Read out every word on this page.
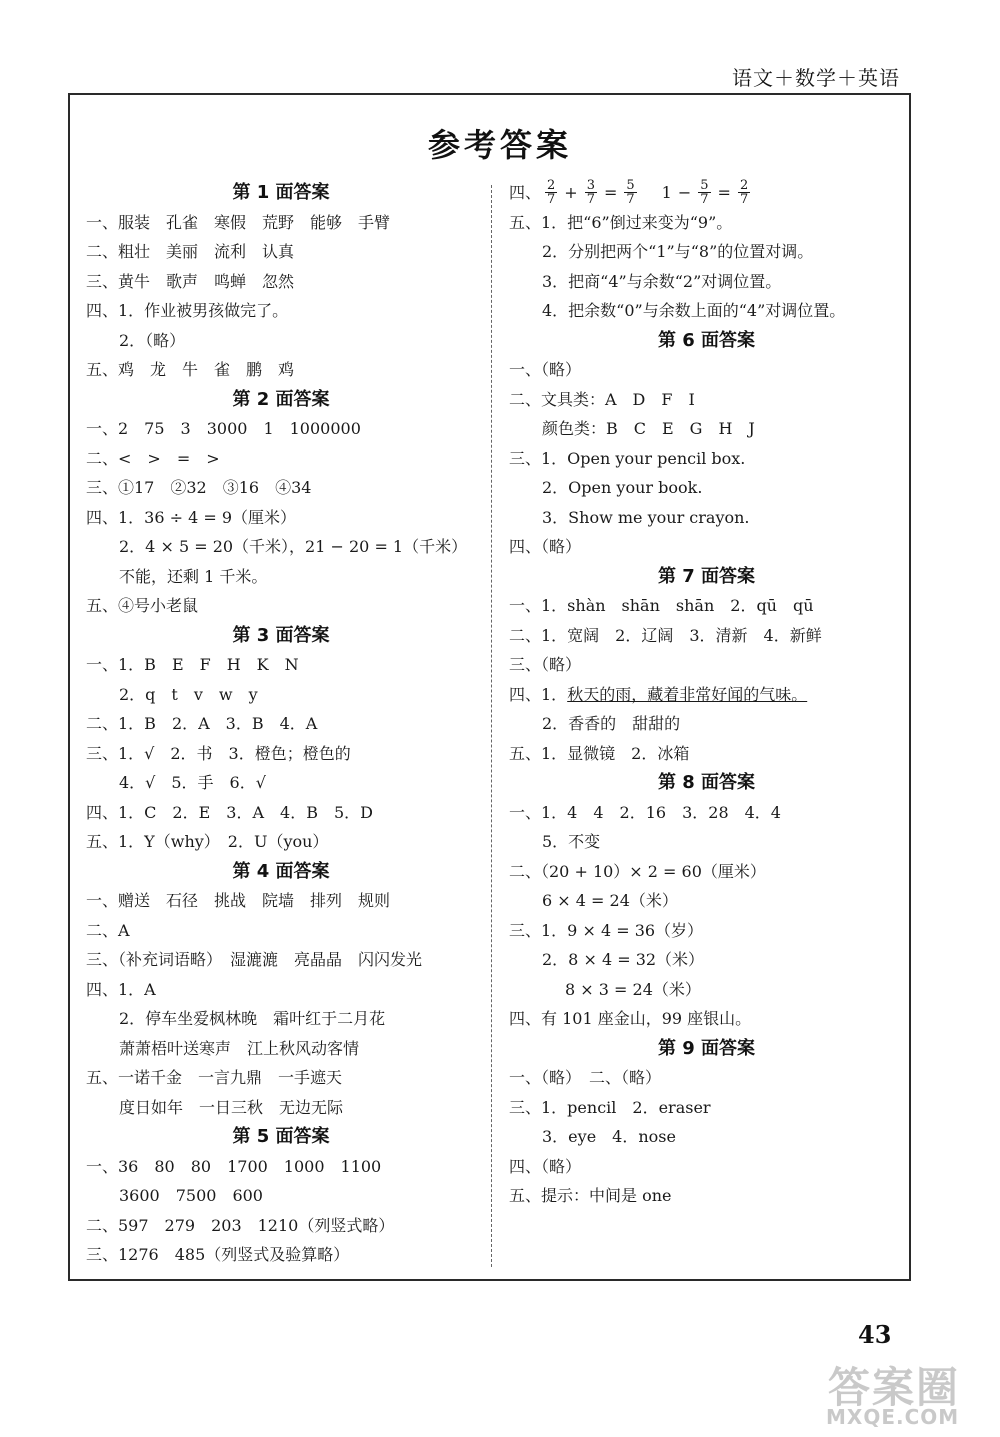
语文＋数学＋英语
参考答案
第 1 面答案
一、服装　孔雀　寒假　荒野　能够　手臂
二、粗壮　美丽　流利　认真
三、黄牛　歌声　鸣蝉　忽然
四、1．作业被男孩做完了。
2．（略）
五、鸡　龙　牛　雀　鹏　鸡
第 2 面答案
一、2　75　3　3000　1　1000000
二、<　>　=　>
三、①17　②32　③16　④34
四、1．36 ÷ 4 = 9（厘米）
2．4 × 5 = 20（千米），21 − 20 = 1（千米）
不能，还剩 1 千米。
五、④号小老鼠
第 3 面答案
一、1．B　E　F　H　K　N
2．q　t　v　w　y
二、1．B　2．A　3．B　4．A
三、1．√　2．书　3．橙色；橙色的
4．√　5．手　6．√
四、1．C　2．E　3．A　4．B　5．D
五、1．Y（why）　2．U（you）
第 4 面答案
一、赠送　石径　挑战　院墙　排列　规则
二、A
三、（补充词语略）　湿漉漉　亮晶晶　闪闪发光
四、1．A
2．停车坐爱枫林晚　霜叶红于二月花
萧萧梧叶送寒声　江上秋风动客情
五、一诺千金　一言九鼎　一手遮天
度日如年　一日三秋　无边无际
第 5 面答案
一、36　80　80　1700　1000　1100
3600　7500　600
二、597　279　203　1210（列竖式略）
三、1276　485（列竖式及验算略）
四、 $\frac{2}{7} + \frac{3}{7} = \frac{5}{7} 1 - \frac{5}{7} = \frac{2}{7}$
五、1．把“6”倒过来变为“9”。
2．分别把两个“1”与“8”的位置对调。
3．把商“4”与余数“2”对调位置。
4．把余数“0”与余数上面的“4”对调位置。
第 6 面答案
一、（略）
二、文具类：A　D　F　I
颜色类：B　C　E　G　H　J
三、1．Open your pencil box.
2．Open your book.
3．Show me your crayon.
四、（略）
第 7 面答案
一、1．shàn　shān　shān　2．qū　qū
二、1．宽阔　2．辽阔　3．清新　4．新鲜
三、（略）
四、1．秋天的雨，藏着非常好闻的气味。
2．香香的　甜甜的
五、1．显微镜　2．冰箱
第 8 面答案
一、1．4　4　2．16　3．28　4．4
5．不变
二、（20 + 10）× 2 = 60（厘米）
6 × 4 = 24（米）
三、1．9 × 4 = 36（岁）
2．8 × 4 = 32（米）
8 × 3 = 24（米）
四、有 101 座金山，99 座银山。
第 9 面答案
一、（略）　二、（略）
三、1．pencil　2．eraser
3．eye　4．nose
四、（略）
五、提示：中间是 one
43
答案圈
MXQE.COM
